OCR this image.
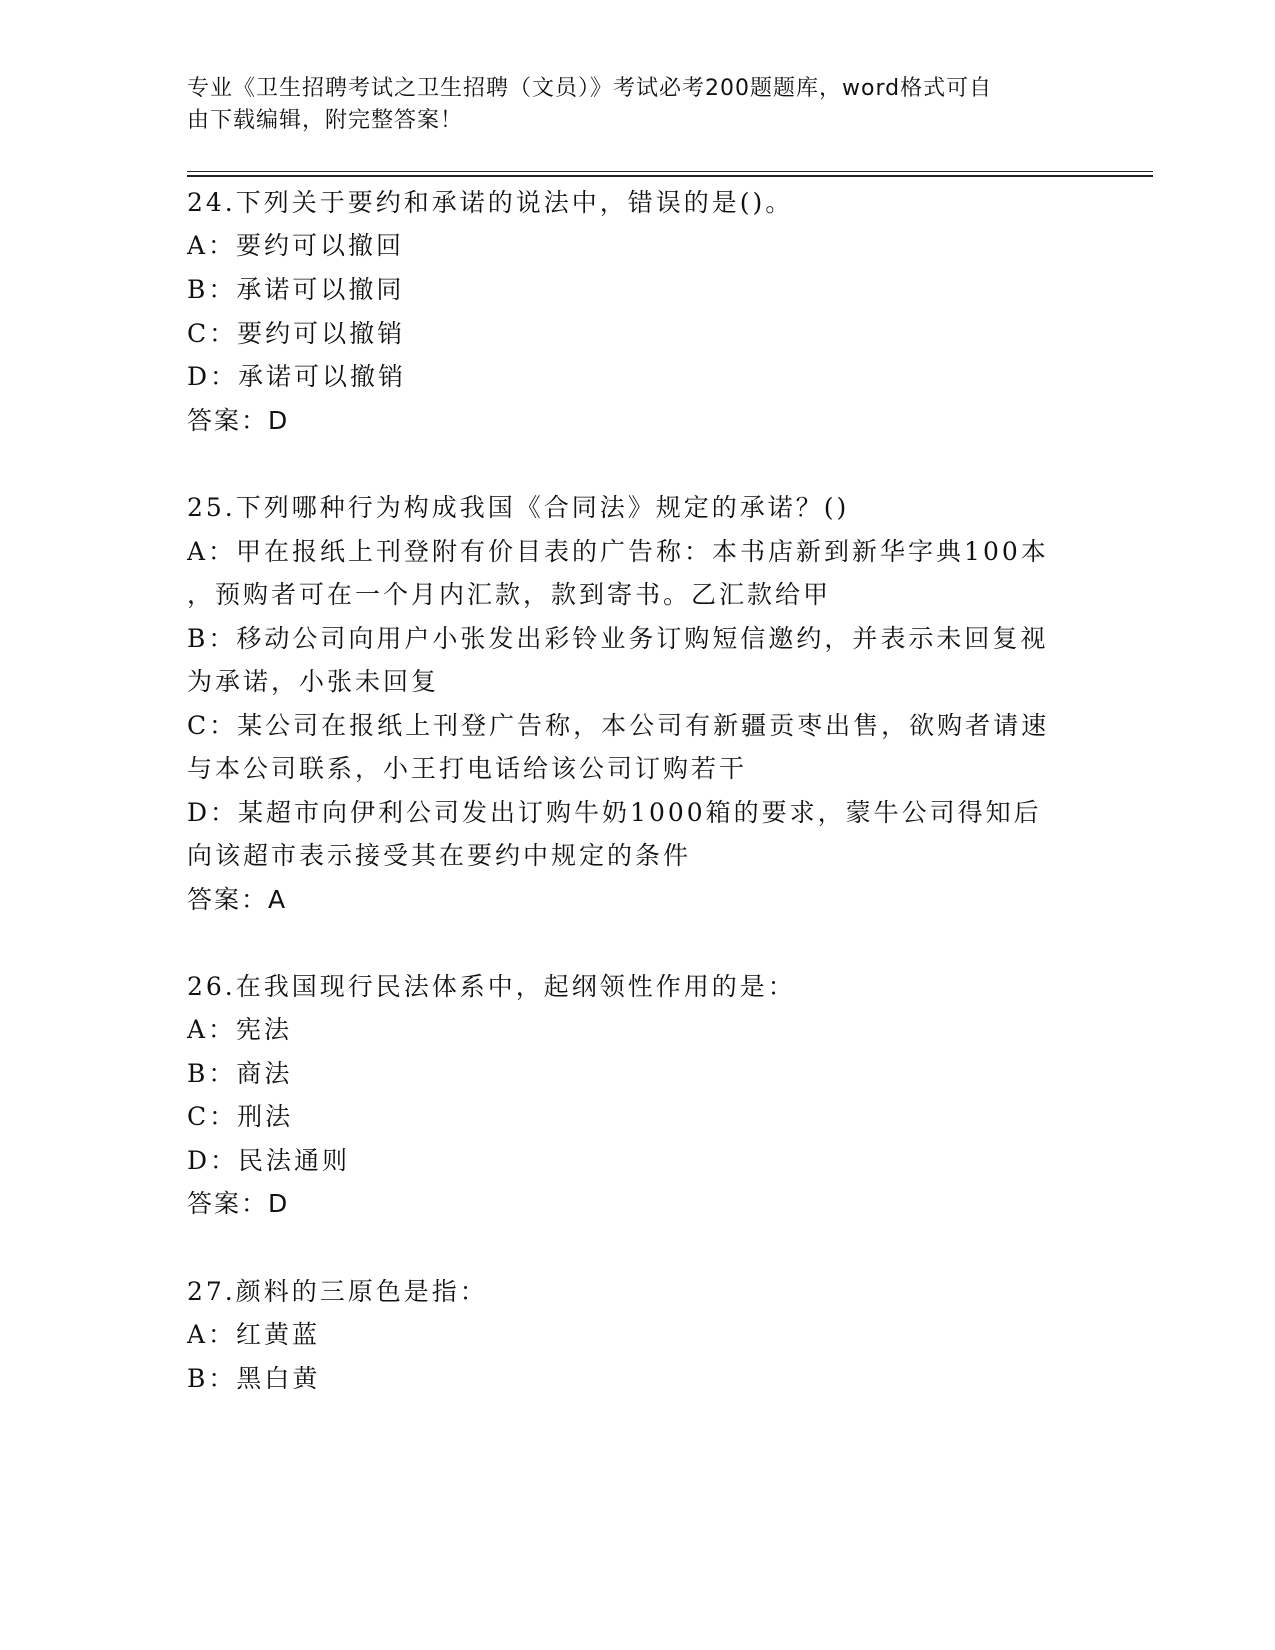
专业《卫生招聘考试之卫生招聘（文员）》考试必考200题题库，word格式可自
由下载编辑，附完整答案！
24.下列关于要约和承诺的说法中，错误的是()。
A：要约可以撤回
B：承诺可以撤同
C：要约可以撤销
D：承诺可以撤销
答案：D
25.下列哪种行为构成我国《合同法》规定的承诺？()
A：甲在报纸上刊登附有价目表的广告称：本书店新到新华字典100本
，预购者可在一个月内汇款，款到寄书。乙汇款给甲
B：移动公司向用户小张发出彩铃业务订购短信邀约，并表示未回复视
为承诺，小张未回复
C：某公司在报纸上刊登广告称，本公司有新疆贡枣出售，欲购者请速
与本公司联系，小王打电话给该公司订购若干
D：某超市向伊利公司发出订购牛奶1000箱的要求，蒙牛公司得知后
向该超市表示接受其在要约中规定的条件
答案：A
26.在我国现行民法体系中，起纲领性作用的是：
A：宪法
B：商法
C：刑法
D：民法通则
答案：D
27.颜料的三原色是指：
A：红黄蓝
B：黑白黄
